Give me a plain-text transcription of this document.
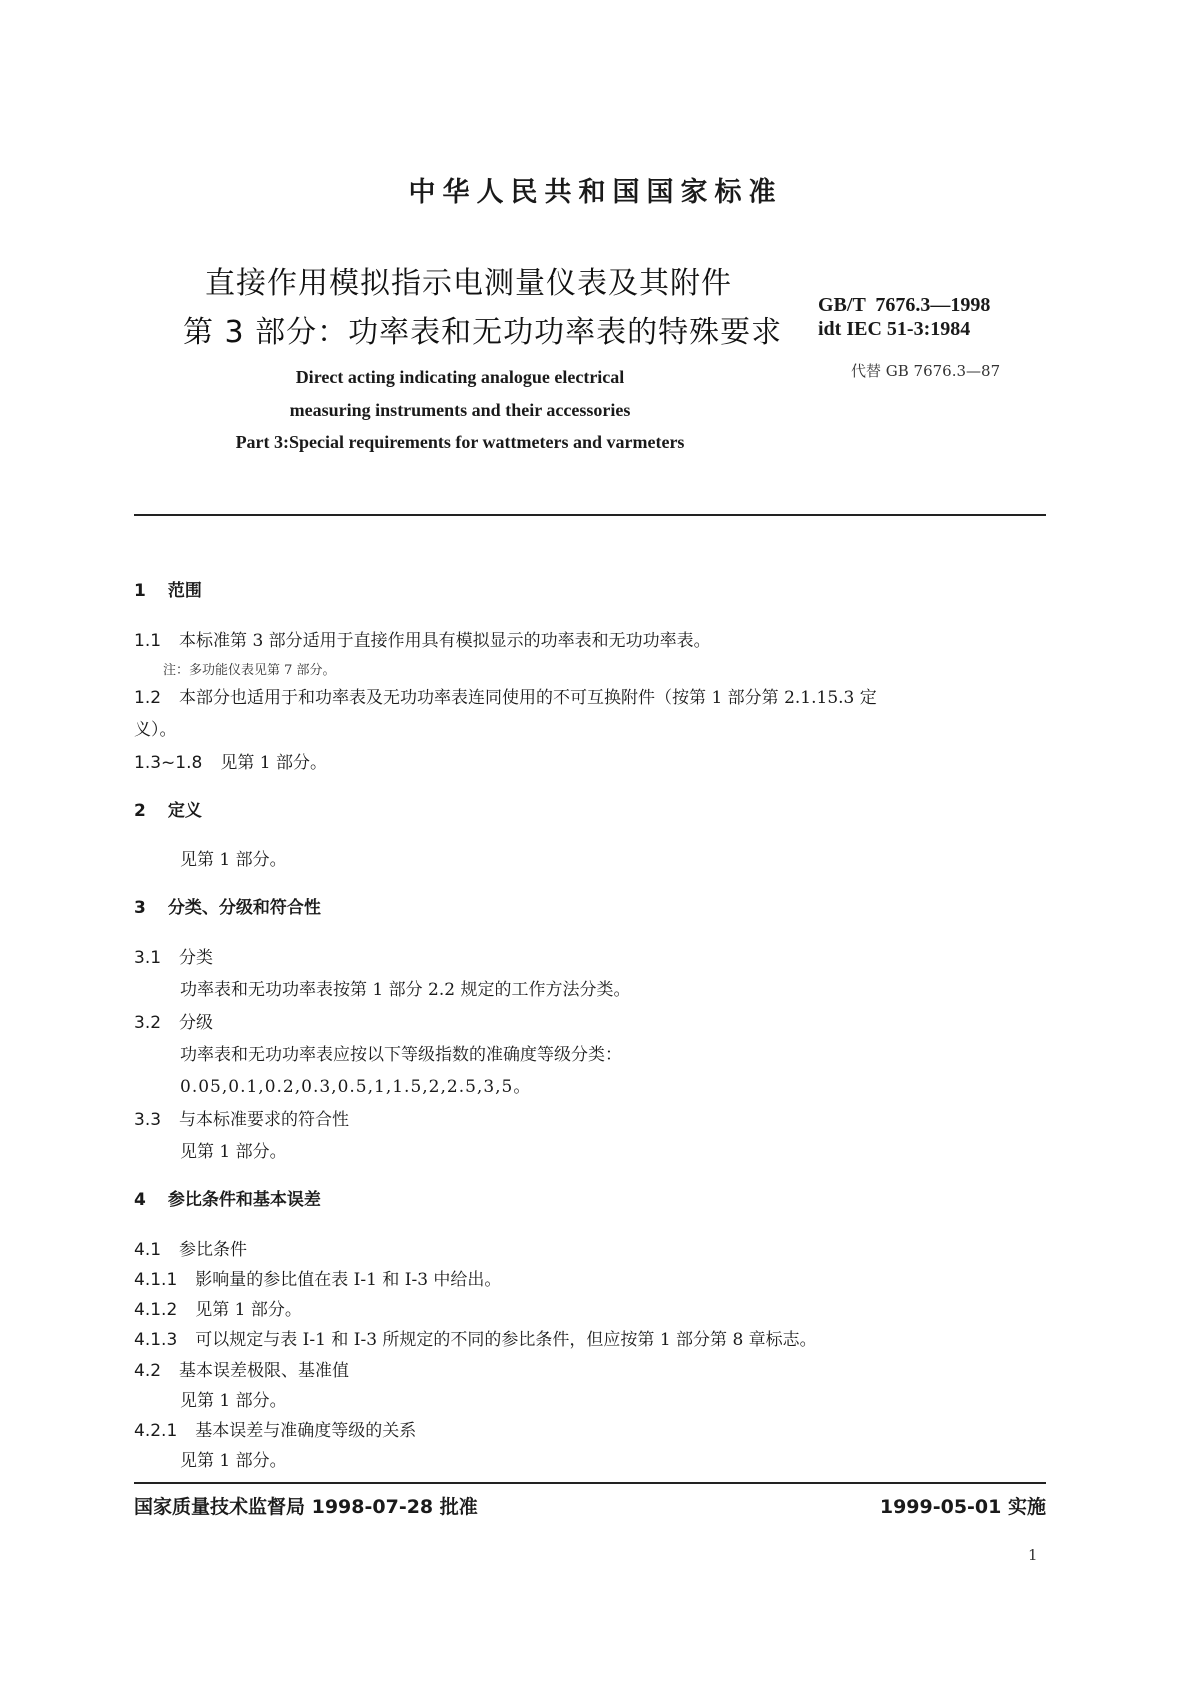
中华人民共和国国家标准
直接作用模拟指示电测量仪表及其附件
第 3 部分：功率表和无功功率表的特殊要求
GB/T  7676.3—1998
idt IEC 51-3:1984
代替 GB 7676.3—87
Direct acting indicating analogue electrical
measuring instruments and their accessories
Part 3:Special requirements for wattmeters and varmeters
1 范围
1.1 本标准第 3 部分适用于直接作用具有模拟显示的功率表和无功功率表。
注：多功能仪表见第 7 部分。
1.2 本部分也适用于和功率表及无功功率表连同使用的不可互换附件（按第 1 部分第 2.1.15.3 定
义）。
1.3~1.8 见第 1 部分。
2 定义
见第 1 部分。
3 分类、分级和符合性
3.1 分类
功率表和无功功率表按第 1 部分 2.2 规定的工作方法分类。
3.2 分级
功率表和无功功率表应按以下等级指数的准确度等级分类：
0.05,0.1,0.2,0.3,0.5,1,1.5,2,2.5,3,5。
3.3 与本标准要求的符合性
见第 1 部分。
4 参比条件和基本误差
4.1 参比条件
4.1.1 影响量的参比值在表 I-1 和 I-3 中给出。
4.1.2 见第 1 部分。
4.1.3 可以规定与表 I-1 和 I-3 所规定的不同的参比条件，但应按第 1 部分第 8 章标志。
4.2 基本误差极限、基准值
见第 1 部分。
4.2.1 基本误差与准确度等级的关系
见第 1 部分。
国家质量技术监督局 1998-07-28 批准	1999-05-01 实施
1
